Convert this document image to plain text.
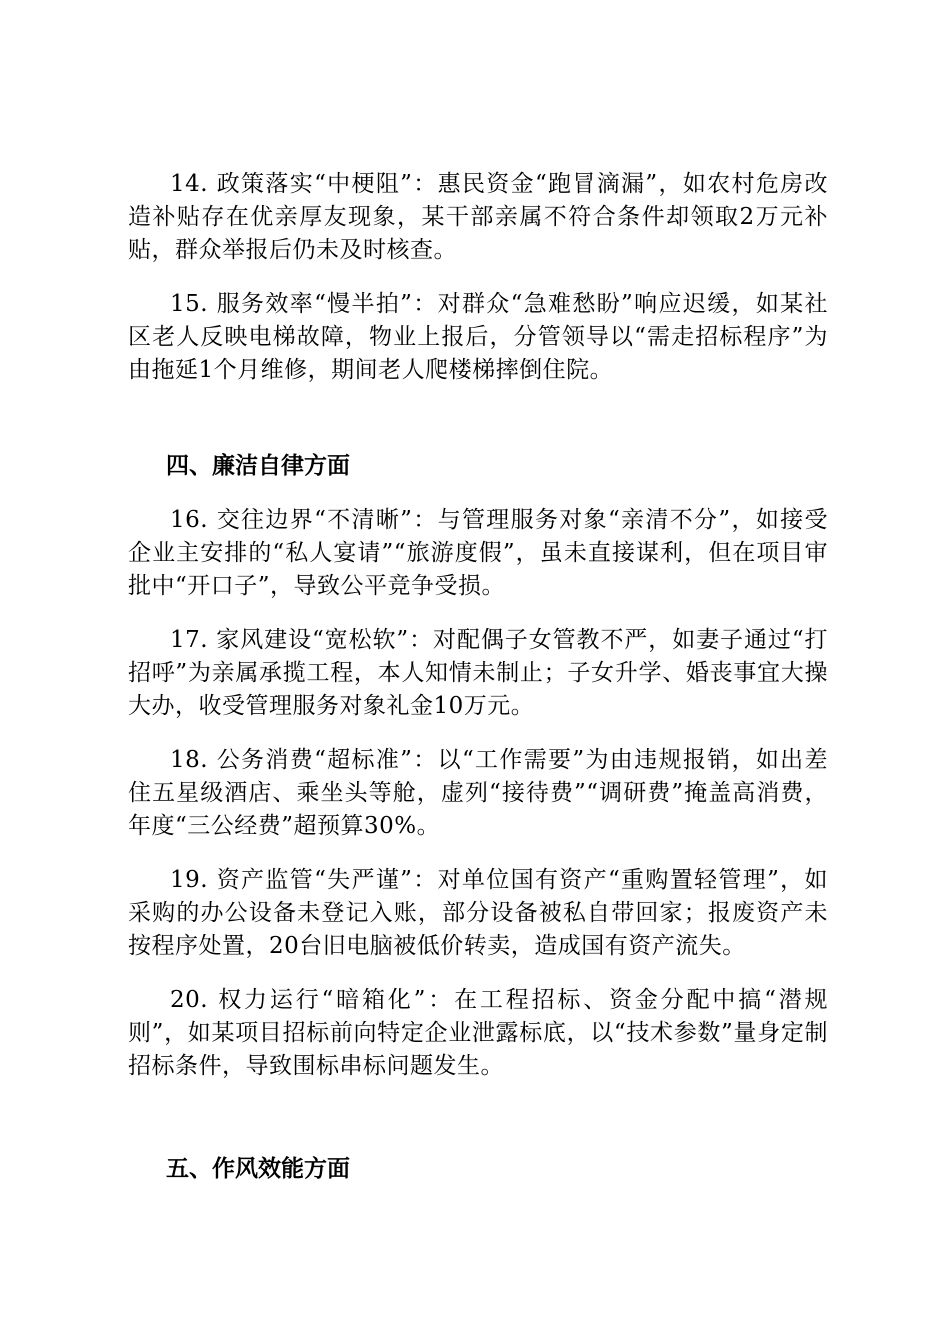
14. 政策落实“中梗阻”：惠民资金“跑冒滴漏”，如农村危房改造补贴存在优亲厚友现象，某干部亲属不符合条件却领取2万元补贴，群众举报后仍未及时核查。

15. 服务效率“慢半拍”：对群众“急难愁盼”响应迟缓，如某社区老人反映电梯故障，物业上报后，分管领导以“需走招标程序”为由拖延1个月维修，期间老人爬楼梯摔倒住院。

四、廉洁自律方面

16. 交往边界“不清晰”：与管理服务对象“亲清不分”，如接受企业主安排的“私人宴请”“旅游度假”，虽未直接谋利，但在项目审批中“开口子”，导致公平竞争受损。

17. 家风建设“宽松软”：对配偶子女管教不严，如妻子通过“打招呼”为亲属承揽工程，本人知情未制止；子女升学、婚丧事宜大操大办，收受管理服务对象礼金10万元。

18. 公务消费“超标准”：以“工作需要”为由违规报销，如出差住五星级酒店、乘坐头等舱，虚列“接待费”“调研费”掩盖高消费，年度“三公经费”超预算30%。

19. 资产监管“失严谨”：对单位国有资产“重购置轻管理”，如采购的办公设备未登记入账，部分设备被私自带回家；报废资产未按程序处置，20台旧电脑被低价转卖，造成国有资产流失。

20. 权力运行“暗箱化”：在工程招标、资金分配中搞“潜规则”，如某项目招标前向特定企业泄露标底，以“技术参数”量身定制招标条件，导致围标串标问题发生。

五、作风效能方面
